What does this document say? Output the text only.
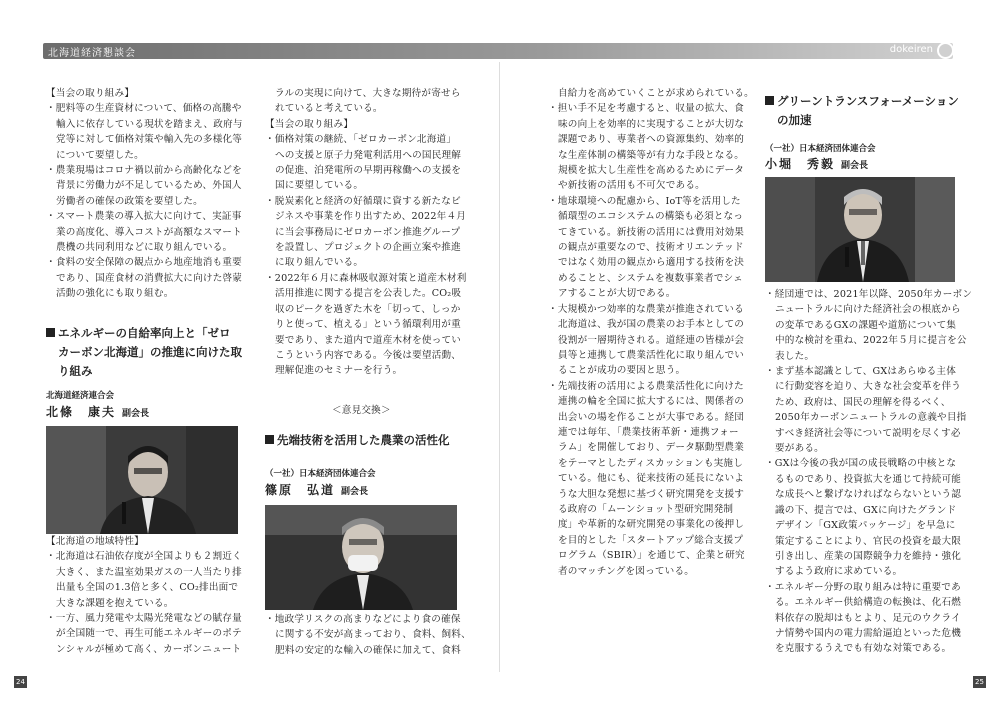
北海道経済懇談会	dokeiren

【当会の取り組み】

・肥料等の生産資材について、価格の高騰や

輸入に依存している現状を踏まえ、政府与

党等に対して価格対策や輸入先の多様化等

について要望した。

・農業現場はコロナ禍以前から高齢化などを

背景に労働力が不足しているため、外国人

労働者の確保の政策を要望した。

・スマート農業の導入拡大に向けて、実証事

業の高度化、導入コストが高額なスマート

農機の共同利用などに取り組んでいる。

・食料の安全保障の観点から地産地消も重要

であり、国産食材の消費拡大に向けた啓蒙

活動の強化にも取り組む。

エネルギーの自給率向上と「ゼロ
カーボン北海道」の推進に向けた取
り組み
北海道経済連合会
北條　康夫 副会長

【北海道の地域特性】

・北海道は石油依存度が全国よりも２割近く

大きく、また温室効果ガスの一人当たり排

出量も全国の1.3倍と多く、CO₂排出面で

大きな課題を抱えている。

・一方、風力発電や太陽光発電などの賦存量

が全国随一で、再生可能エネルギーのポテ

ンシャルが極めて高く、カーボンニュート

ラルの実現に向けて、大きな期待が寄せら

れていると考えている。

【当会の取り組み】

・価格対策の継続、「ゼロカーボン北海道」

への支援と原子力発電利活用への国民理解

の促進、泊発電所の早期再稼働への支援を

国に要望している。

・脱炭素化と経済の好循環に資する新たなビ

ジネスや事業を作り出すため、2022年４月

に当会事務局にゼロカーボン推進グループ

を設置し、プロジェクトの企画立案や推進

に取り組んでいる。

・2022年６月に森林吸収源対策と道産木材利

活用推進に関する提言を公表した。CO₂吸

収のピークを過ぎた木を「切って、しっか

りと使って、植える」という循環利用が重

要であり、また道内で道産木材を使ってい

こうという内容である。今後は要望活動、

理解促進のセミナーを行う。

＜意見交換＞
先端技術を活用した農業の活性化
（一社）日本経済団体連合会
篠原　弘道 副会長

・地政学リスクの高まりなどにより食の確保

に関する不安が高まっており、食料、飼料、

肥料の安定的な輸入の確保に加えて、食料

自給力を高めていくことが求められている。

・担い手不足を考慮すると、収量の拡大、食

味の向上を効率的に実現することが大切な

課題であり、専業者への資源集約、効率的

な生産体制の構築等が有力な手段となる。

規模を拡大し生産性を高めるためにデータ

や新技術の活用も不可欠である。

・地球環境への配慮から、IoT等を活用した

循環型のエコシステムの構築も必須となっ

てきている。新技術の活用には費用対効果

の観点が重要なので、技術オリエンテッド

ではなく効用の観点から適用する技術を決

めることと、システムを複数事業者でシェ

アすることが大切である。

・大規模かつ効率的な農業が推進されている

北海道は、我が国の農業のお手本としての

役割が一層期待される。道経連の皆様が会

員等と連携して農業活性化に取り組んでい

ることが成功の要因と思う。

・先端技術の活用による農業活性化に向けた

連携の輪を全国に拡大するには、関係者の

出会いの場を作ることが大事である。経団

連では毎年、「農業技術革新・連携フォー

ラム」を開催しており、データ駆動型農業

をテーマとしたディスカッションも実施し

ている。他にも、従来技術の延長にないよ

うな大胆な発想に基づく研究開発を支援す

る政府の「ムーンショット型研究開発制

度」や革新的な研究開発の事業化の後押し

を目的とした「スタートアップ総合支援プ

ログラム（SBIR）」を通じて、企業と研究

者のマッチングを図っている。

グリーントランスフォーメーション
の加速
（一社）日本経済団体連合会
小堀　秀毅 副会長

・経団連では、2021年以降、2050年カーボン

ニュートラルに向けた経済社会の根底から

の変革であるGXの課題や道筋について集

中的な検討を重ね、2022年５月に提言を公

表した。

・まず基本認識として、GXはあらゆる主体

に行動変容を迫り、大きな社会変革を伴う

ため、政府は、国民の理解を得るべく、

2050年カーボンニュートラルの意義や目指

すべき経済社会等について説明を尽くす必

要がある。

・GXは今後の我が国の成長戦略の中核とな

るものであり、投資拡大を通じて持続可能

な成長へと繋げなければならないという認

識の下、提言では、GXに向けたグランド

デザイン「GX政策パッケージ」を早急に

策定することにより、官民の投資を最大限

引き出し、産業の国際競争力を維持・強化

するよう政府に求めている。

・エネルギー分野の取り組みは特に重要であ

る。エネルギー供給構造の転換は、化石燃

料依存の脱却はもとより、足元のウクライ

ナ情勢や国内の電力需給逼迫といった危機

を克服するうえでも有効な対策である。

24	25
